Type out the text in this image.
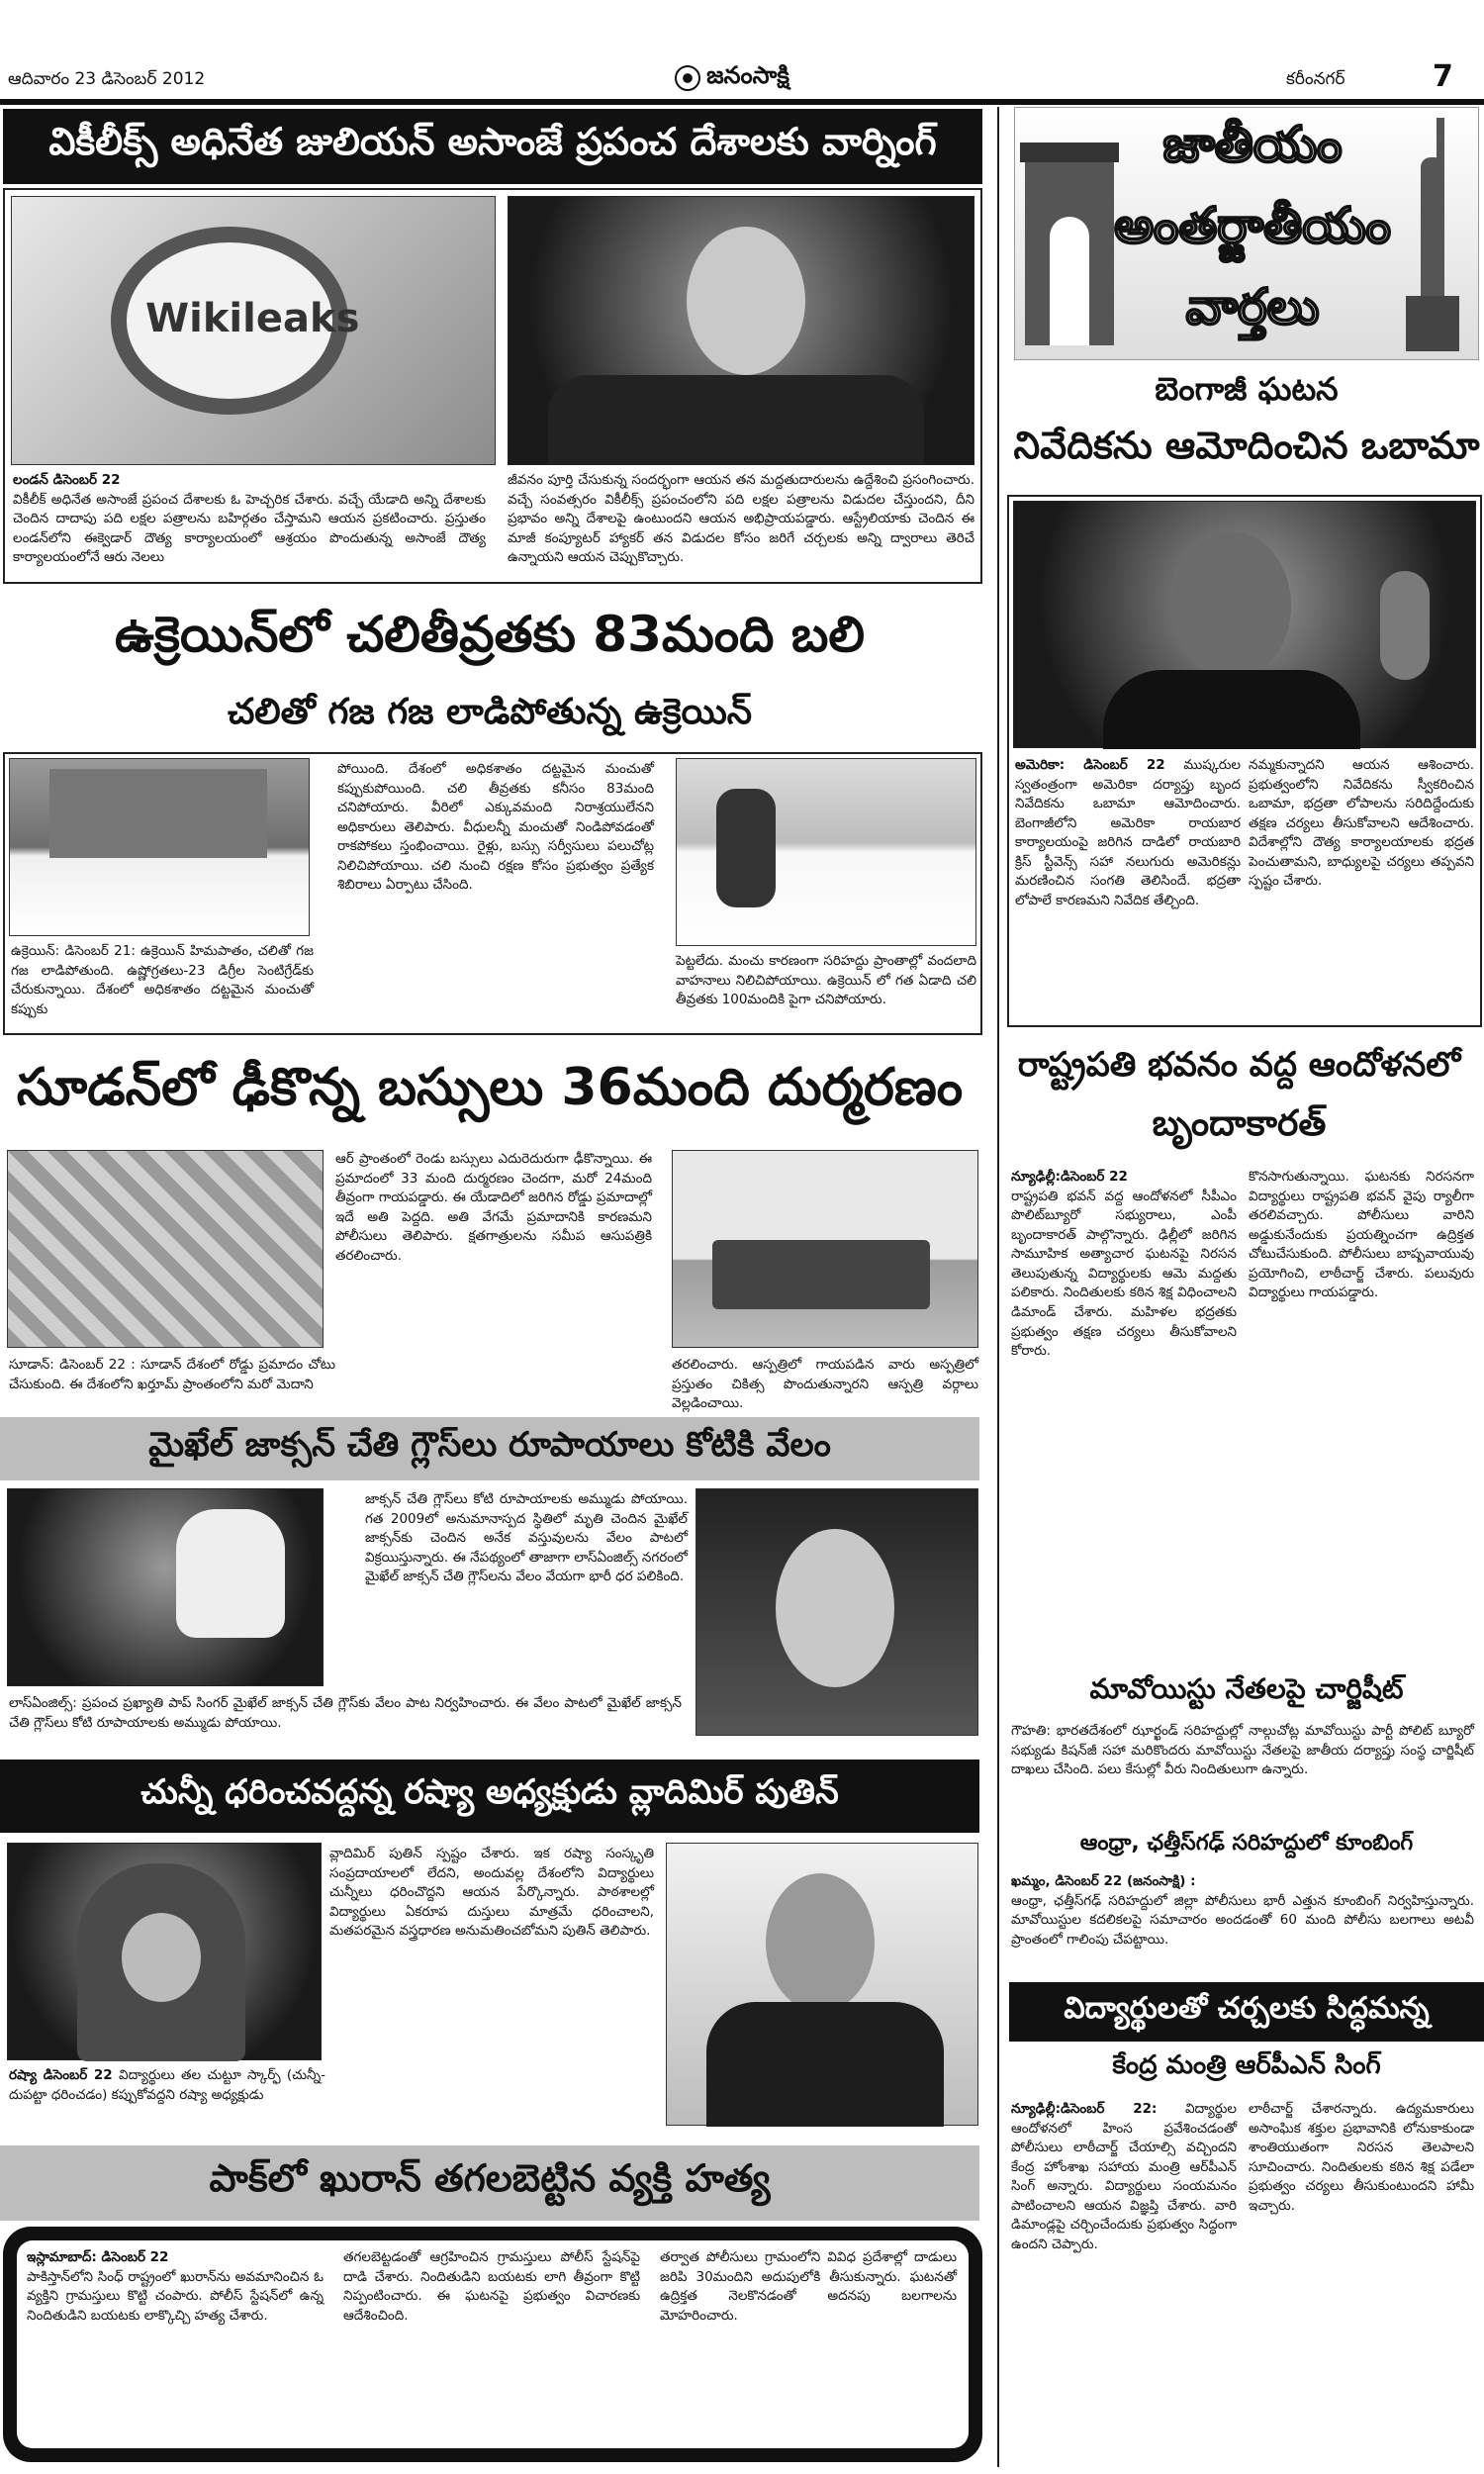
ఆదివారం 23 డిసెంబర్ 2012	జనంసాక్షి	కరీంనగర్	7
వికీలీక్స్ అధినేత జులియన్ అసాంజే ప్రపంచ దేశాలకు వార్నింగ్
Wikileaks
లండన్ డిసెంబర్ 22
వికీలీక్ అధినేత అసాంజే ప్రపంచ దేశాలకు ఓ హెచ్చరిక చేశారు. వచ్చే యేడాది అన్ని దేశాలకు చెందిన దాదాపు పది లక్షల పత్రాలను బహిర్గతం చేస్తామని ఆయన ప్రకటించారు. ప్రస్తుతం లండన్‌లోని ఈక్వెడార్ దౌత్య కార్యాలయంలో ఆశ్రయం పొందుతున్న అసాంజే దౌత్య కార్యాలయంలోనే ఆరు నెలలు
జీవనం పూర్తి చేసుకున్న సందర్భంగా ఆయన తన మద్దతుదారులను ఉద్దేశించి ప్రసంగించారు. వచ్చే సంవత్సరం వికీలీక్స్ ప్రపంచంలోని పది లక్షల పత్రాలను విడుదల చేస్తుందని, దీని ప్రభావం అన్ని దేశాలపై ఉంటుందని ఆయన అభిప్రాయపడ్డారు. ఆస్ట్రేలియాకు చెందిన ఈ మాజీ కంప్యూటర్ హ్యాకర్ తన విడుదల కోసం జరిగే చర్చలకు అన్ని ద్వారాలు తెరిచే ఉన్నాయని ఆయన చెప్పుకొచ్చారు.
జాతీయం
అంతర్జాతీయం
వార్తలు
బెంగాజీ ఘటన
నివేదికను ఆమోదించిన ఒబామా
అమెరికా: డిసెంబర్ 22 ముష్కరుల స్వతంత్రంగా అమెరికా దర్యాప్తు బృంద నివేదికను ఒబామా ఆమోదించారు. బెంగాజీలోని అమెరికా రాయబార కార్యాలయంపై జరిగిన దాడిలో రాయబారి క్రిస్ స్టీవెన్స్ సహా నలుగురు అమెరికన్లు మరణించిన సంగతి తెలిసిందే. భద్రతా లోపాలే కారణమని నివేదిక తేల్చింది.
నమ్మకున్నాదని ఆయన ఆశించారు. ప్రభుత్వంలోని నివేదికను స్వీకరించిన ఒబామా, భద్రతా లోపాలను సరిదిద్దేందుకు తక్షణ చర్యలు తీసుకోవాలని ఆదేశించారు. విదేశాల్లోని దౌత్య కార్యాలయాలకు భద్రత పెంచుతామని, బాధ్యులపై చర్యలు తప్పవని స్పష్టం చేశారు.
ఉక్రెయిన్‌లో చలితీవ్రతకు 83మంది బలి
చలితో గజ గజ లాడిపోతున్న ఉక్రెయిన్
పోయింది. దేశంలో అధికశాతం దట్టమైన మంచుతో కప్పుకుపోయింది. చలి తీవ్రతకు కనీసం 83మంది చనిపోయారు. వీరిలో ఎక్కువమంది నిరాశ్రయులేనని అధికారులు తెలిపారు. వీధులన్నీ మంచుతో నిండిపోవడంతో రాకపోకలు స్తంభించాయి. రైళ్లు, బస్సు సర్వీసులు పలుచోట్ల నిలిచిపోయాయి. చలి నుంచి రక్షణ కోసం ప్రభుత్వం ప్రత్యేక శిబిరాలు ఏర్పాటు చేసింది.
పెట్టలేదు. మంచు కారణంగా సరిహద్దు ప్రాంతాల్లో వందలాది వాహనాలు నిలిచిపోయాయి. ఉక్రెయిన్ లో గత ఏడాది చలి తీవ్రతకు 100మందికి పైగా చనిపోయారు.
ఉక్రెయిన్: డిసెంబర్ 21: ఉక్రెయిన్ హిమపాతం, చలితో గజ గజ లాడిపోతుంది. ఉష్ణోగ్రతలు-23 డిగ్రీల సెంటిగ్రేడ్‌కు చేరుకున్నాయి. దేశంలో అధికశాతం దట్టమైన మంచుతో కప్పుకు
రాష్ట్రపతి భవనం వద్ద ఆందోళనలో
బృందాకారత్
న్యూఢిల్లీ:డిసెంబర్ 22
రాష్ట్రపతి భవన్ వద్ద ఆందోళనలో సీపీఎం పొలిట్‌బ్యూరో సభ్యురాలు, ఎంపీ బృందాకారత్ పాల్గొన్నారు. ఢిల్లీలో జరిగిన సామూహిక అత్యాచార ఘటనపై నిరసన తెలుపుతున్న విద్యార్థులకు ఆమె మద్దతు పలికారు. నిందితులకు కఠిన శిక్ష విధించాలని డిమాండ్ చేశారు. మహిళల భద్రతకు ప్రభుత్వం తక్షణ చర్యలు తీసుకోవాలని కోరారు.
కొనసాగుతున్నాయి. ఘటనకు నిరసనగా విద్యార్థులు రాష్ట్రపతి భవన్ వైపు ర్యాలీగా తరలివచ్చారు. పోలీసులు వారిని అడ్డుకునేందుకు ప్రయత్నించగా ఉద్రిక్తత చోటుచేసుకుంది. పోలీసులు బాష్పవాయువు ప్రయోగించి, లాఠీచార్జ్ చేశారు. పలువురు విద్యార్థులు గాయపడ్డారు.
సూడన్‌లో ఢీకొన్న బస్సులు 36మంది దుర్మరణం
ఆర్ ప్రాంతంలో రెండు బస్సులు ఎదురెదురుగా ఢీకొన్నాయి. ఈ ప్రమాదంలో 33 మంది దుర్మరణం చెందగా, మరో 24మంది తీవ్రంగా గాయపడ్డారు. ఈ యేడాదిలో జరిగిన రోడ్డు ప్రమాదాల్లో ఇదే అతి పెద్దది. అతి వేగమే ప్రమాదానికి కారణమని పోలీసులు తెలిపారు. క్షతగాత్రులను సమీప ఆసుపత్రికి తరలించారు.
తరలించారు. ఆస్పత్రిలో గాయపడిన వారు అస్పత్రిలో ప్రస్తుతం చికిత్స పొందుతున్నారని ఆస్పత్రి వర్గాలు వెల్లడించాయి.
సూడాన్: డిసెంబర్ 22 : సూడాన్ దేశంలో రోడ్డు ప్రమాదం చోటు చేసుకుంది. ఈ దేశంలోని ఖర్తూమ్ ప్రాంతంలోని మరో మెదాని
మైఖేల్ జాక్సన్ చేతి గ్లౌస్‌లు రూపాయాలు కోటికి వేలం
జాక్సన్ చేతి గ్లౌస్‌లు కోటి రూపాయాలకు అమ్ముడు పోయాయి. గత 2009లో అనుమానాస్పద స్థితిలో మృతి చెందిన మైఖేల్ జాక్సన్‌కు చెందిన అనేక వస్తువులను వేలం పాటలో విక్రయిస్తున్నారు. ఈ నేపథ్యంలో తాజాగా లాస్‌ఏంజిల్స్ నగరంలో మైఖేల్ జాక్సన్ చేతి గ్లౌస్‌లను వేలం వేయగా భారీ ధర పలికింది.
లాస్‌ఏంజిల్స్: ప్రపంచ ప్రఖ్యాతి పాప్ సింగర్ మైఖేల్ జాక్సన్ చేతి గ్లౌస్‌కు వేలం పాట నిర్వహించారు. ఈ వేలం పాటలో మైఖేల్ జాక్సన్ చేతి గ్లౌస్‌లు కోటి రూపాయాలకు అమ్ముడు పోయాయి.
మావోయిస్టు నేతలపై చార్జిషీట్
గౌహతి: భారతదేశంలో ఝార్ఖండ్ సరిహద్దుల్లో నాల్గుచోట్ల మావోయిస్టు పార్టీ పోలిట్ బ్యూరో సభ్యుడు కిషన్‌జీ సహా మరికొందరు మావోయిస్టు నేతలపై జాతీయ దర్యాప్తు సంస్థ చార్జిషీట్ దాఖలు చేసింది. పలు కేసుల్లో వీరు నిందితులుగా ఉన్నారు.
ఆంధ్రా, ఛత్తీస్‌గఢ్ సరిహద్దులో కూంబింగ్
ఖమ్మం, డిసెంబర్ 22 (జనంసాక్షి) :
ఆంధ్రా, ఛత్తీస్‌గఢ్ సరిహద్దులో జిల్లా పోలీసులు భారీ ఎత్తున కూంబింగ్ నిర్వహిస్తున్నారు. మావోయిస్టుల కదలికలపై సమాచారం అందడంతో 60 మంది పోలీసు బలగాలు అటవీ ప్రాంతంలో గాలింపు చేపట్టాయి.
చున్నీ ధరించవద్దన్న రష్యా అధ్యక్షుడు వ్లాదిమిర్ పుతిన్
వ్లాదిమిర్ పుతిన్ స్పష్టం చేశారు. ఇక రష్యా సంస్కృతి సంప్రదాయాలలో లేదని, అందువల్ల దేశంలోని విద్యార్థులు చున్నీలు ధరించొద్దని ఆయన పేర్కొన్నారు. పాఠశాలల్లో విద్యార్థులు ఏకరూప దుస్తులు మాత్రమే ధరించాలని, మతపరమైన వస్త్రధారణ అనుమతించబోమని పుతిన్ తెలిపారు.
రష్యా డిసెంబర్ 22 విద్యార్థులు తల చుట్టూ స్కార్ఫ్ (చున్నీ-దుపట్టా ధరించడం) కప్పుకోవద్దని రష్యా అధ్యక్షుడు
విద్యార్థులతో చర్చలకు సిద్ధమన్న
కేంద్ర మంత్రి ఆర్‌పీఎన్ సింగ్
న్యూఢిల్లీ:డిసెంబర్ 22: విద్యార్థుల ఆందోళనలో హింస ప్రవేశించడంతో పోలీసులు లాఠీచార్జ్ చేయాల్సి వచ్చిందని కేంద్ర హోంశాఖ సహాయ మంత్రి ఆర్‌పీఎన్ సింగ్ అన్నారు. విద్యార్థులు సంయమనం పాటించాలని ఆయన విజ్ఞప్తి చేశారు. వారి డిమాండ్లపై చర్చించేందుకు ప్రభుత్వం సిద్ధంగా ఉందని చెప్పారు.
లాఠీచార్జ్ చేశారన్నారు. ఉద్యమకారులు అసాంఘిక శక్తుల ప్రభావానికి లోనుకాకుండా శాంతియుతంగా నిరసన తెలపాలని సూచించారు. నిందితులకు కఠిన శిక్ష పడేలా ప్రభుత్వం చర్యలు తీసుకుంటుందని హామీ ఇచ్చారు.
పాక్‌లో ఖురాన్ తగలబెట్టిన వ్యక్తి హత్య
ఇస్లామాబాద్: డిసెంబర్ 22
పాకిస్తాన్‌లోని సింధ్ రాష్ట్రంలో ఖురాన్‌ను అవమానించిన ఓ వ్యక్తిని గ్రామస్తులు కొట్టి చంపారు. పోలీస్ స్టేషన్‌లో ఉన్న నిందితుడిని బయటకు లాక్కొచ్చి హత్య చేశారు.
తగలబెట్టడంతో ఆగ్రహించిన గ్రామస్తులు పోలీస్ స్టేషన్‌పై దాడి చేశారు. నిందితుడిని బయటకు లాగి తీవ్రంగా కొట్టి నిప్పంటించారు. ఈ ఘటనపై ప్రభుత్వం విచారణకు ఆదేశించింది.
తర్వాత పోలీసులు గ్రామంలోని వివిధ ప్రదేశాల్లో దాడులు జరిపి 30మందిని అదుపులోకి తీసుకున్నారు. ఘటనతో ఉద్రిక్తత నెలకొనడంతో అదనపు బలగాలను మోహరించారు.
